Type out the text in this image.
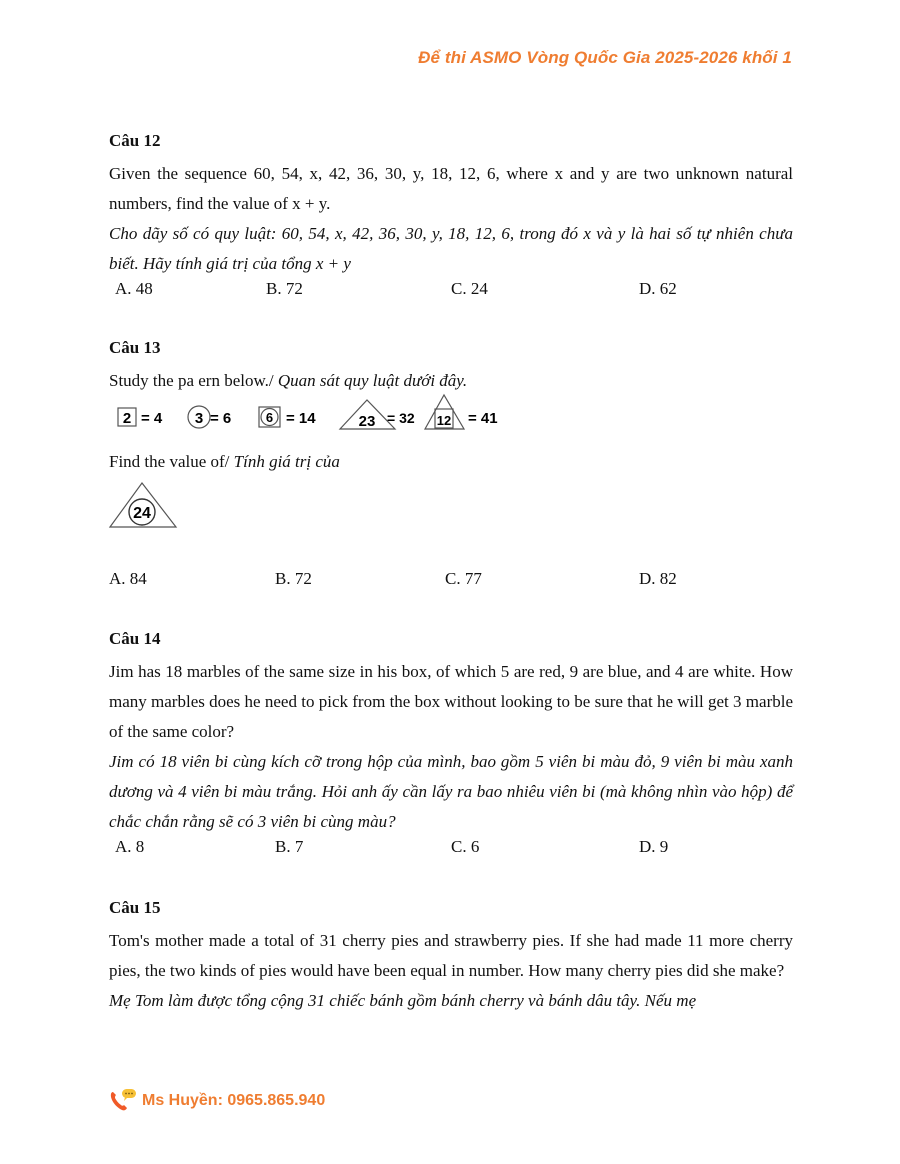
Để thi ASMO Vòng Quốc Gia 2025-2026 khối 1
Câu 12

Given the sequence 60, 54, x, 42, 36, 30, y, 18, 12, 6, where x and y are two unknown natural numbers, find the value of x + y.

Cho dãy số có quy luật: 60, 54, x, 42, 36, 30, y, 18, 12, 6, trong đó x và y là hai số tự nhiên chưa biết. Hãy tính giá trị của tổng x + y

A. 48	B. 72	C. 24	D. 62
Câu 13

Study the pa ern below./ Quan sát quy luật dưới đây.

2 = 4 3 = 6	6 = 14	23 = 32 12 = 41

Find the value of/ Tính giá trị của

24
A. 84	B. 72	C. 77	D. 82
Câu 14

Jim has 18 marbles of the same size in his box, of which 5 are red, 9 are blue, and 4 are white. How many marbles does he need to pick from the box without looking to be sure that he will get 3 marble of the same color?

Jim có 18 viên bi cùng kích cỡ trong hộp của mình, bao gồm 5 viên bi màu đỏ, 9 viên bi màu xanh dương và 4 viên bi màu trắng. Hỏi anh ấy cần lấy ra bao nhiêu viên bi (mà không nhìn vào hộp) để chắc chắn rằng sẽ có 3 viên bi cùng màu?

A. 8	B. 7	C. 6	D. 9
Câu 15

Tom's mother made a total of 31 cherry pies and strawberry pies. If she had made 11 more cherry pies, the two kinds of pies would have been equal in number. How many cherry pies did she make?

Mẹ Tom làm được tổng cộng 31 chiếc bánh gồm bánh cherry và bánh dâu tây. Nếu mẹ

Ms Huyền: 0965.865.940
